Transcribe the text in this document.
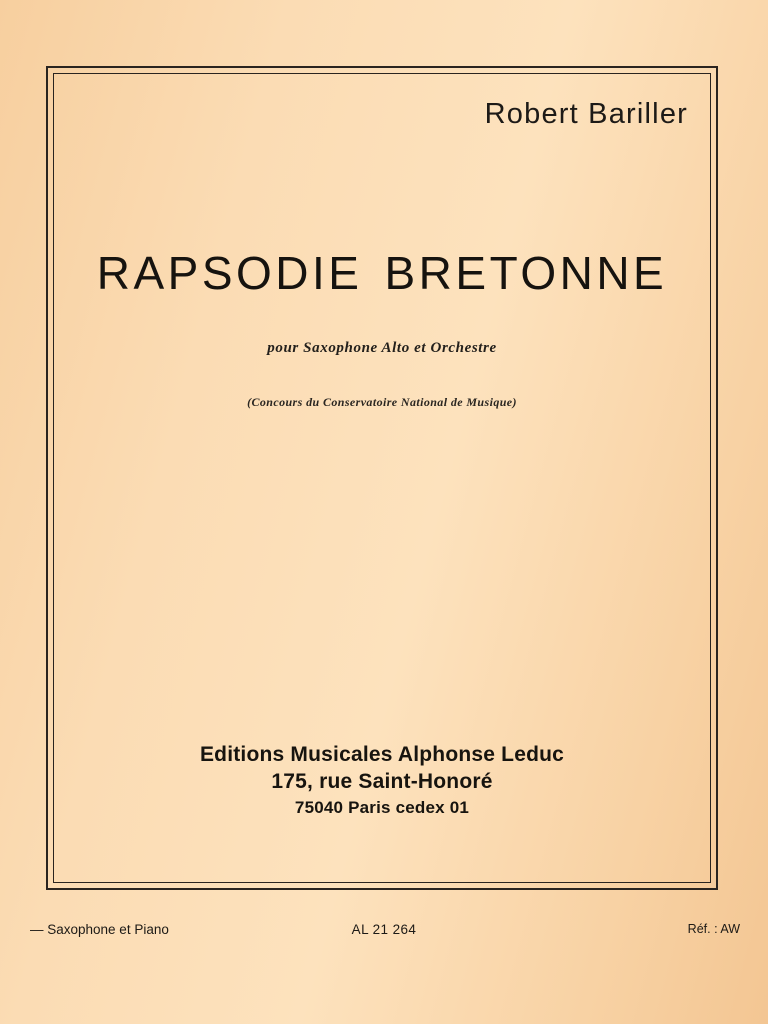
Robert Bariller
RAPSODIE BRETONNE
pour Saxophone Alto et Orchestre
(Concours du Conservatoire National de Musique)
Editions Musicales Alphonse Leduc
175, rue Saint-Honoré
75040 Paris cedex 01
— Saxophone et Piano	AL 21 264	Réf. : AW
